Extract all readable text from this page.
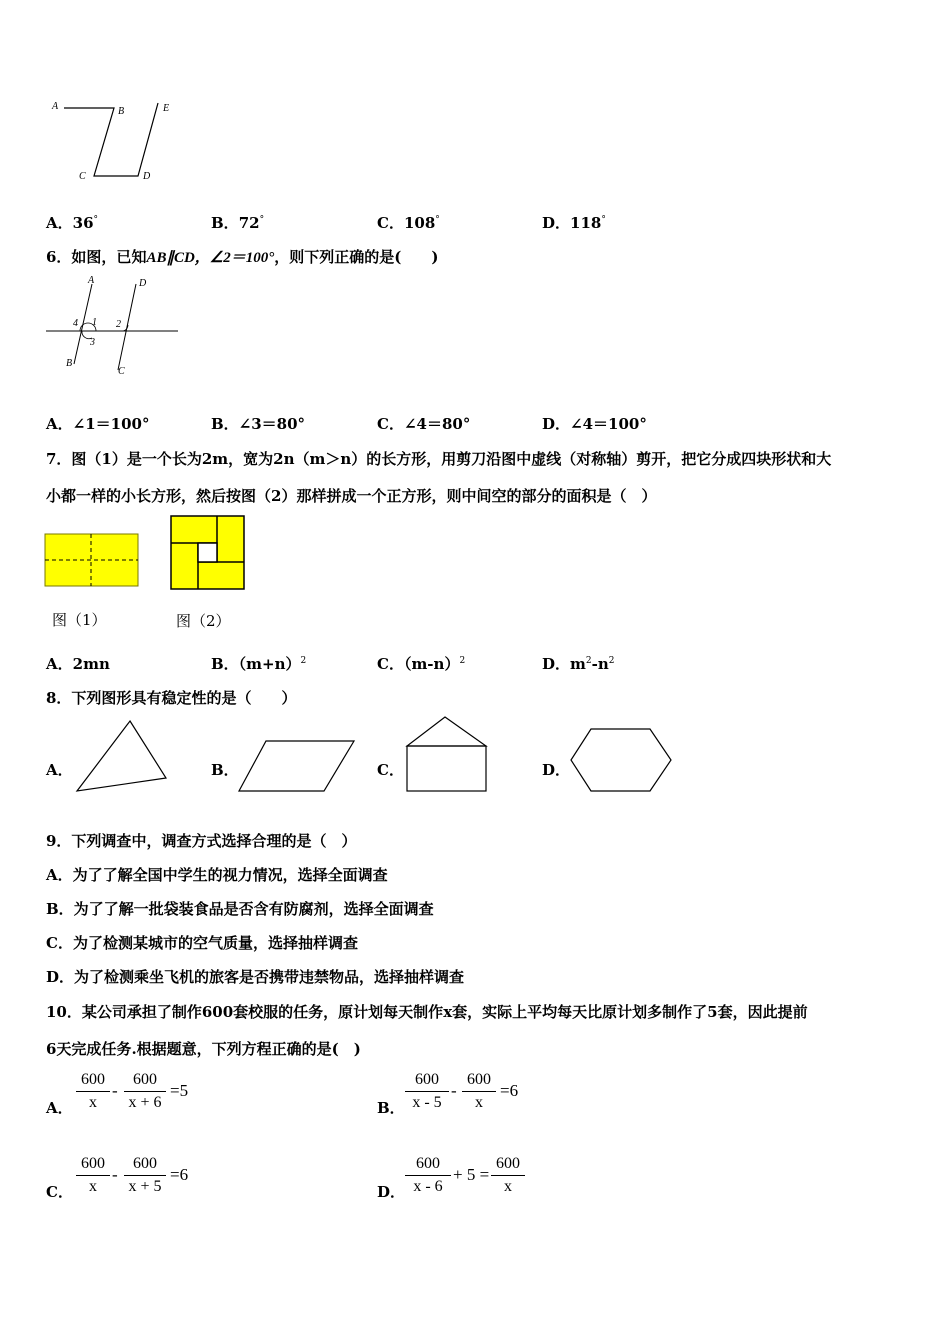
A	B	E
C	D
A．36°	B．72°	C．108°	D．118°
6．如图，已知AB∥CD，∠2＝100°，则下列正确的是(　　)
A	D
B
C
4 1
3
2
A．∠1＝100°	B．∠3＝80°	C．∠4＝80°	D．∠4＝100°
7．图（1）是一个长为2m，宽为2n（m＞n）的长方形，用剪刀沿图中虚线（对称轴）剪开，把它分成四块形状和大
小都一样的小长方形，然后按图（2）那样拼成一个正方形，则中间空的部分的面积是（　）
图（1）	图（2）
A．2mn	B．$(m+n)^2$	C．$(m-n)^2$	D．$m^2-n^2$
8．下列图形具有稳定性的是（　　）
A．	B．	C．	D．
9．下列调查中，调查方式选择合理的是（　）
A．为了了解全国中学生的视力情况，选择全面调查
B．为了了解一批袋装食品是否含有防腐剂，选择全面调查
C．为了检测某城市的空气质量，选择抽样调查
D．为了检测乘坐飞机的旅客是否携带违禁物品，选择抽样调查
10．某公司承担了制作600套校服的任务，原计划每天制作x套，实际上平均每天比原计划多制作了5套，因此提前
6天完成任务.根据题意，下列方程正确的是(　)
A．
600
x
-
600
x + 6
=5
B．
600
x - 5
-
600
x
=6
C．
600
x
-
600
x + 5
=6
D．
600
x - 6
+ 5 =
600
x
